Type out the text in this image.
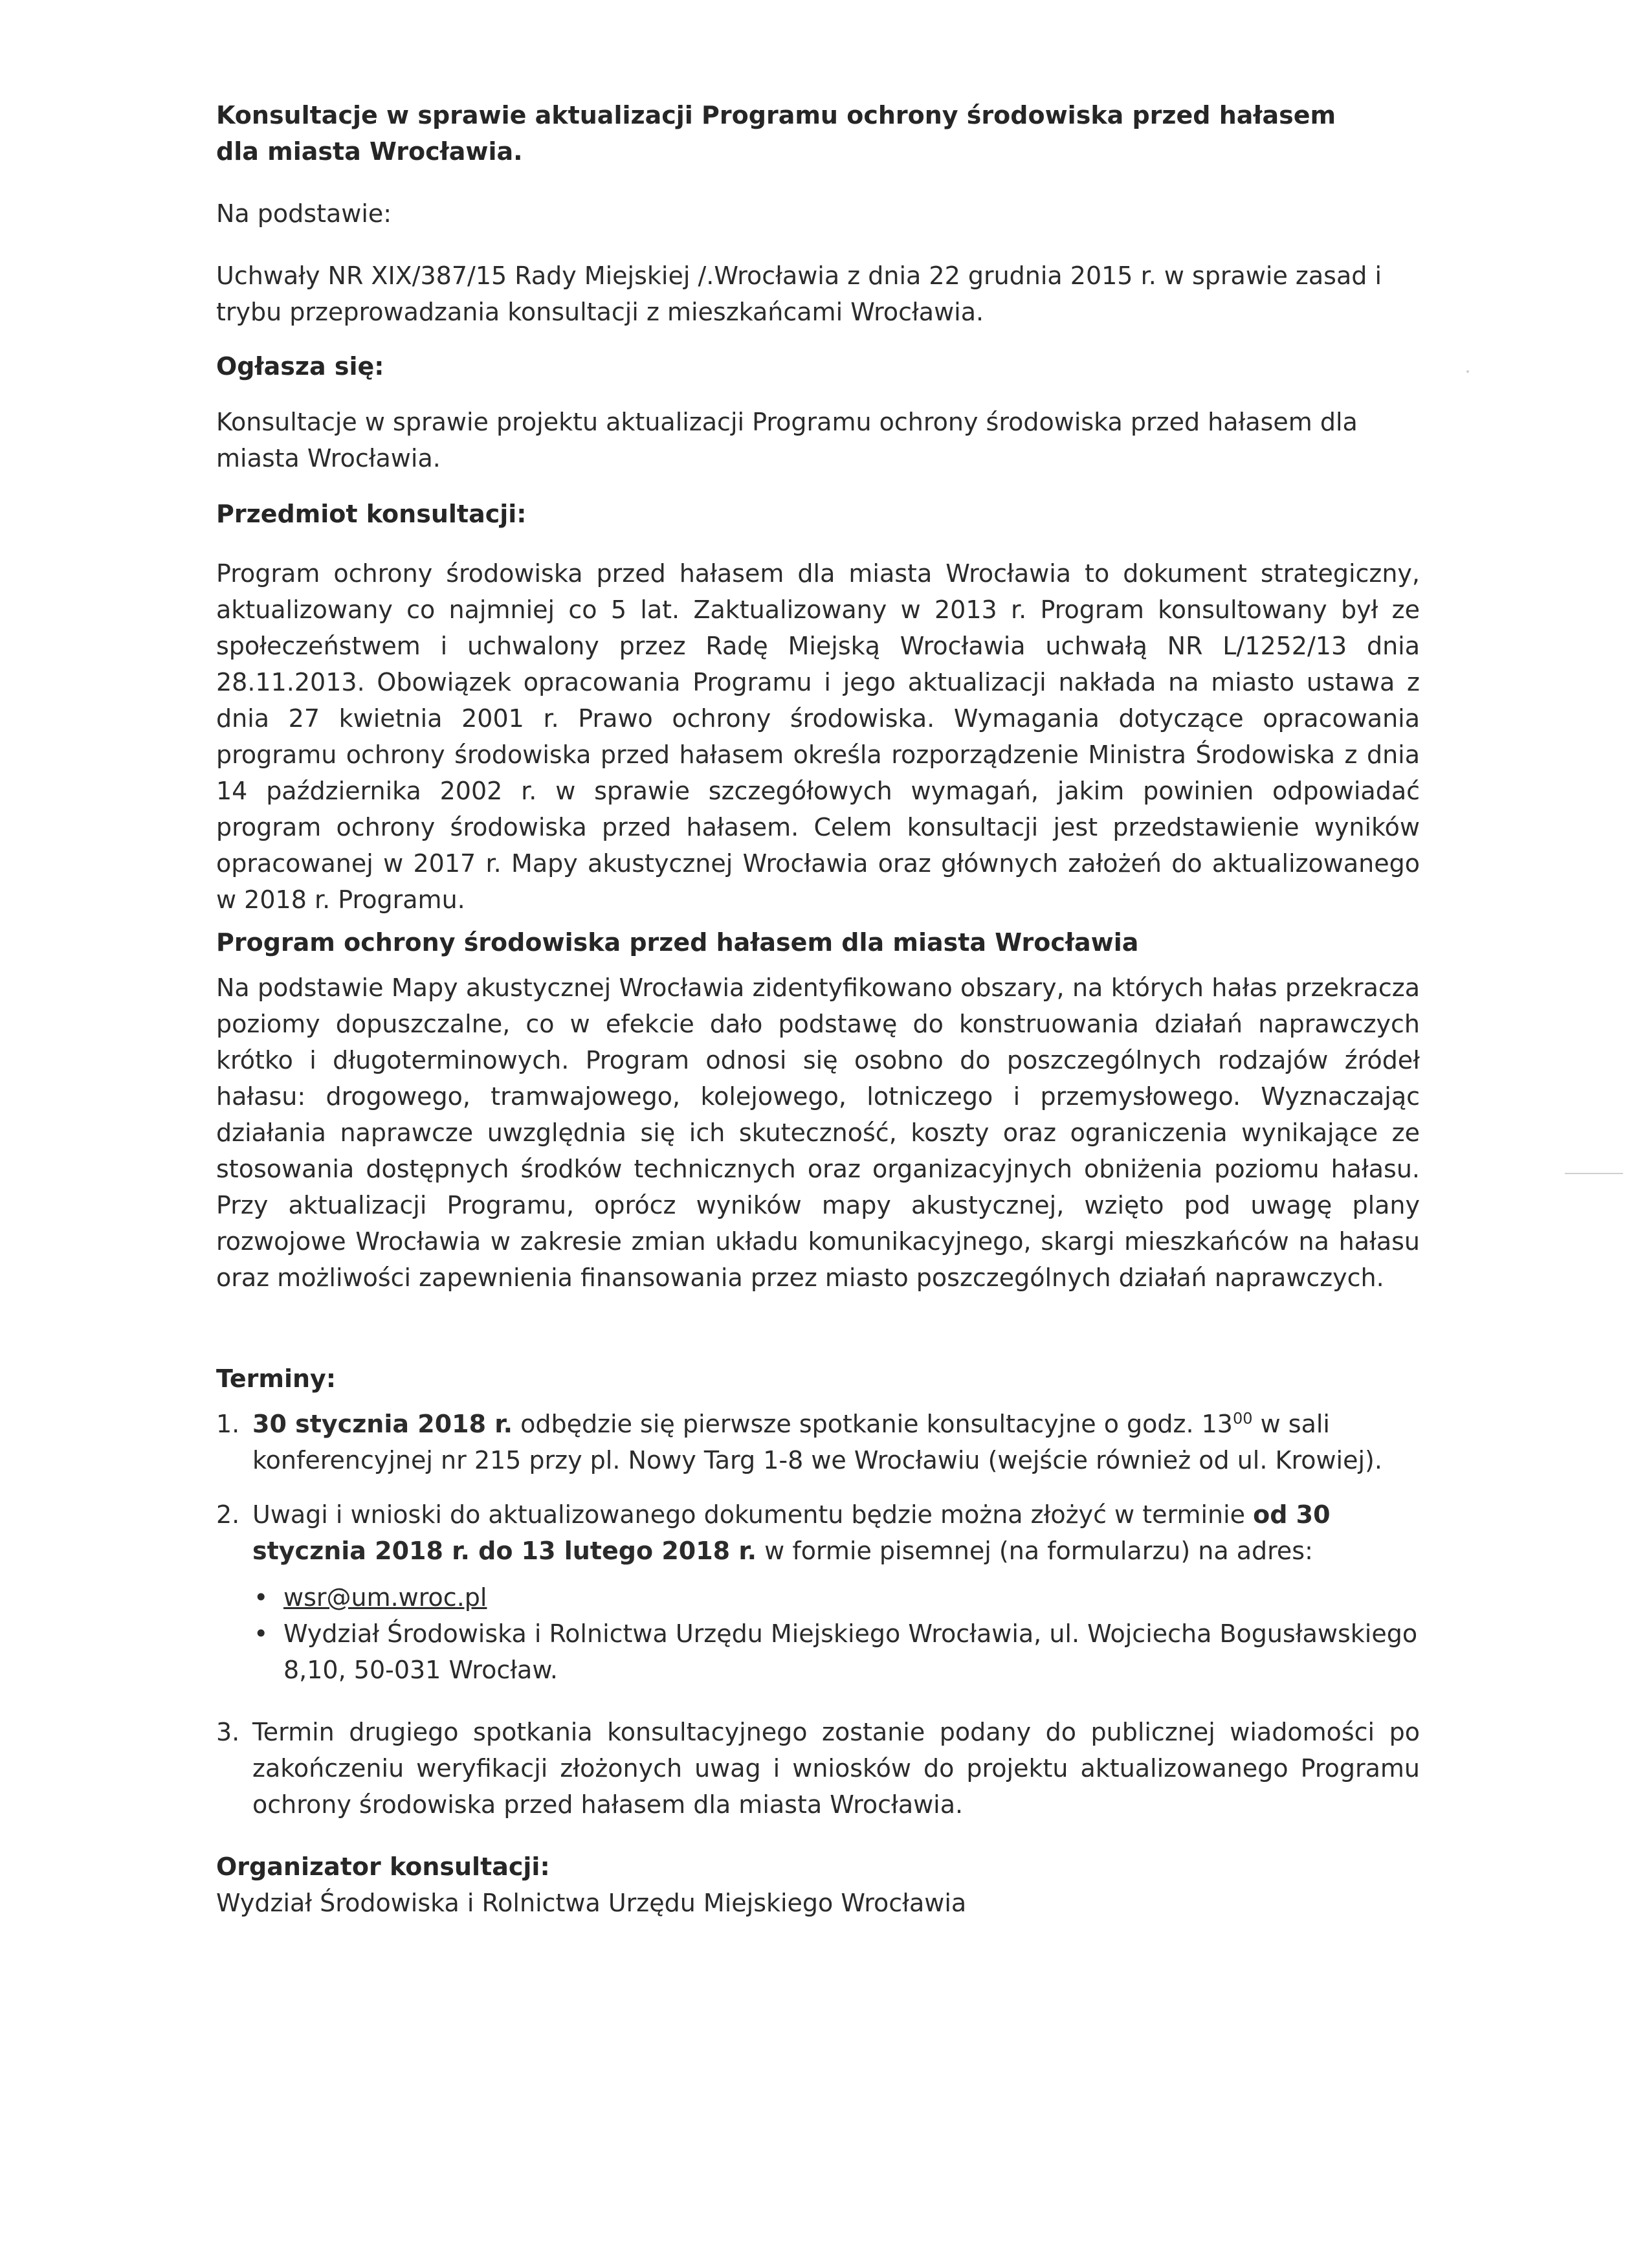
Konsultacje w sprawie aktualizacji Programu ochrony środowiska przed hałasem
dla miasta Wrocławia.

Na podstawie:

Uchwały NR XIX/387/15 Rady Miejskiej /.Wrocławia z dnia 22 grudnia 2015 r. w sprawie zasad i trybu przeprowadzania konsultacji z mieszkańcami Wrocławia.

Ogłasza się:

Konsultacje w sprawie projektu aktualizacji Programu ochrony środowiska przed hałasem dla miasta Wrocławia.

Przedmiot konsultacji:

Program ochrony środowiska przed hałasem dla miasta Wrocławia to dokument strategiczny, aktualizowany co najmniej co 5 lat. Zaktualizowany w 2013 r. Program konsultowany był ze społeczeństwem i uchwalony przez Radę Miejską Wrocławia uchwałą NR L/1252/13 dnia 28.11.2013. Obowiązek opracowania Programu i jego aktualizacji nakłada na miasto ustawa z dnia 27 kwietnia 2001 r. Prawo ochrony środowiska. Wymagania dotyczące opracowania programu ochrony środowiska przed hałasem określa rozporządzenie Ministra Środowiska z dnia 14 października 2002 r. w sprawie szczegółowych wymagań, jakim powinien odpowiadać program ochrony środowiska przed hałasem. Celem konsultacji jest przedstawienie wyników opracowanej w 2017 r. Mapy akustycznej Wrocławia oraz głównych założeń do aktualizowanego w 2018 r. Programu.

Program ochrony środowiska przed hałasem dla miasta Wrocławia

Na podstawie Mapy akustycznej Wrocławia zidentyfikowano obszary, na których hałas przekracza poziomy dopuszczalne, co w efekcie dało podstawę do konstruowania działań naprawczych krótko i długoterminowych. Program odnosi się osobno do poszczególnych rodzajów źródeł hałasu: drogowego, tramwajowego, kolejowego, lotniczego i przemysłowego. Wyznaczając działania naprawcze uwzględnia się ich skuteczność, koszty oraz ograniczenia wynikające ze stosowania dostępnych środków technicznych oraz organizacyjnych obniżenia poziomu hałasu. Przy aktualizacji Programu, oprócz wyników mapy akustycznej, wzięto pod uwagę plany rozwojowe Wrocławia w zakresie zmian układu komunikacyjnego, skargi mieszkańców na hałasu oraz możliwości zapewnienia finansowania przez miasto poszczególnych działań naprawczych.

Terminy:
1. 30 stycznia 2018 r. odbędzie się pierwsze spotkanie konsultacyjne o godz. $13^{00}$ w sali konferencyjnej nr 215 przy pl. Nowy Targ 1-8 we Wrocławiu (wejście również od ul. Krowiej).
2. Uwagi i wnioski do aktualizowanego dokumentu będzie można złożyć w terminie od 30 stycznia 2018 r. do 13 lutego 2018 r. w formie pisemnej (na formularzu) na adres:
• wsr@um.wroc.pl
• Wydział Środowiska i Rolnictwa Urzędu Miejskiego Wrocławia, ul. Wojciecha Bogusławskiego 8,10, 50-031 Wrocław.
3. Termin drugiego spotkania konsultacyjnego zostanie podany do publicznej wiadomości po zakończeniu weryfikacji złożonych uwag i wniosków do projektu aktualizowanego Programu ochrony środowiska przed hałasem dla miasta Wrocławia.
Organizator konsultacji:
Wydział Środowiska i Rolnictwa Urzędu Miejskiego Wrocławia
